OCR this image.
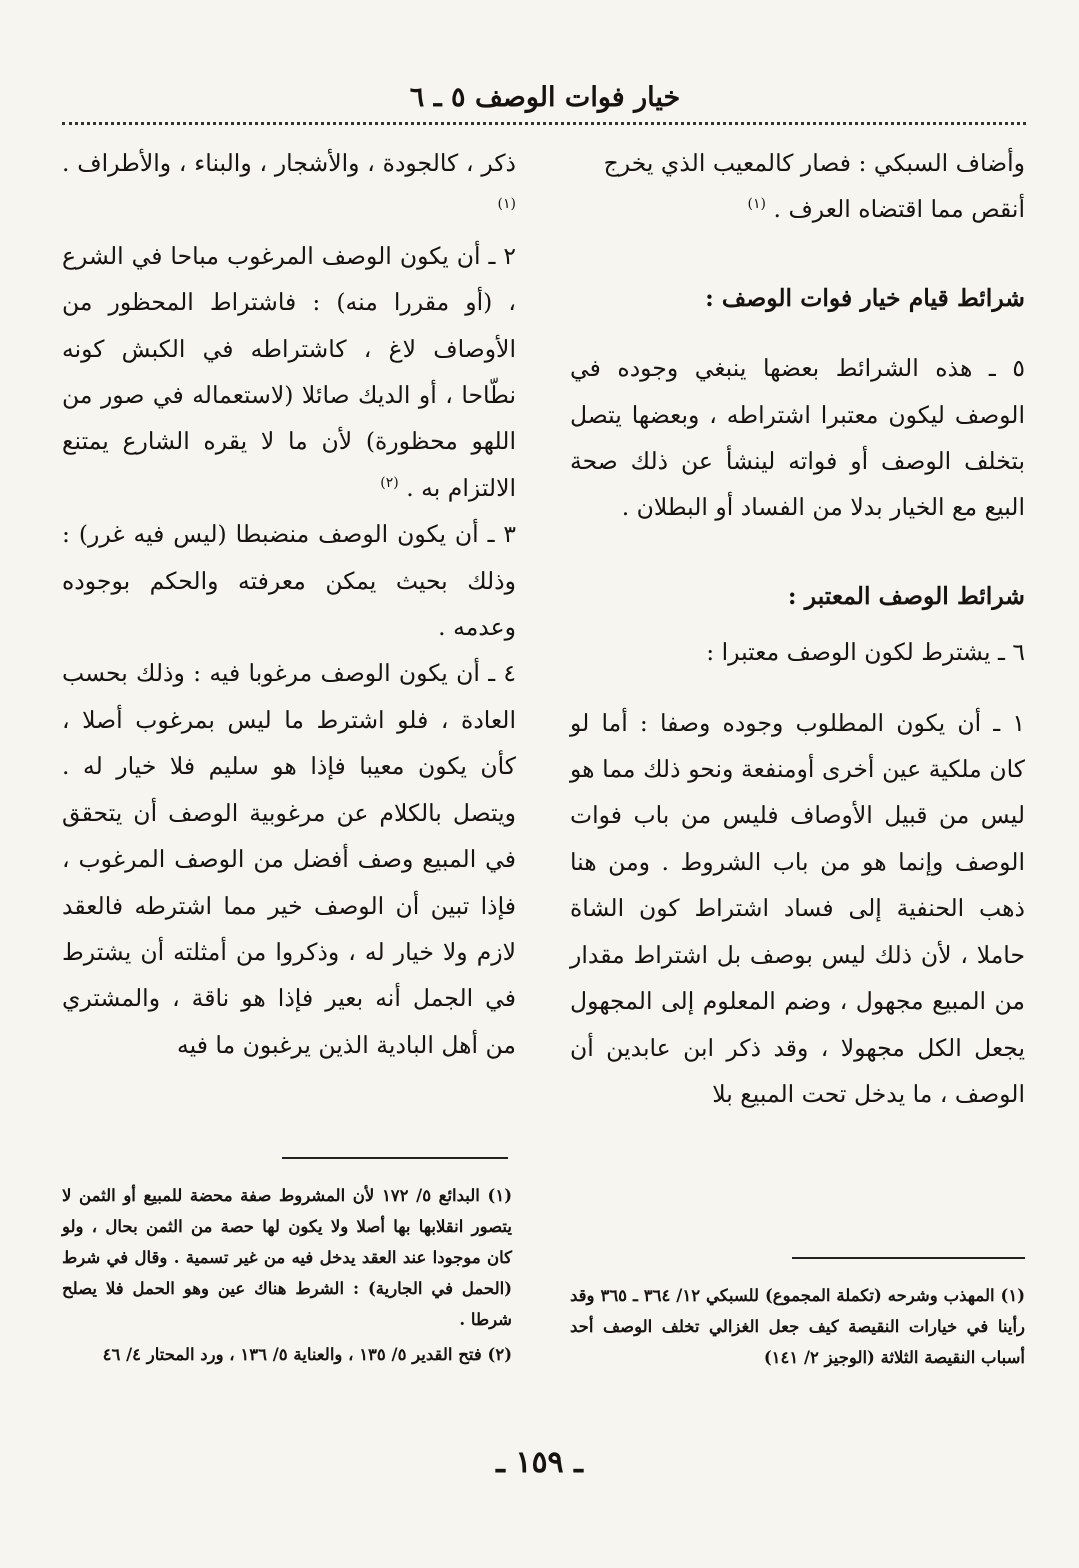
خيار فوات الوصف ٥ ـ ٦

وأضاف السبكي : فصار كالمعيب الذي يخرج
أنقص مما اقتضاه العرف . $^{(١)}$

شرائط قيام خيار فوات الوصف :

٥ ـ هذه الشرائط بعضها ينبغي وجوده في الوصف ليكون معتبرا اشتراطه ، وبعضها يتصل بتخلف الوصف أو فواته لينشأ عن ذلك صحة البيع مع الخيار بدلا من الفساد أو البطلان .

شرائط الوصف المعتبر :

٦ ـ يشترط لكون الوصف معتبرا :

١ ـ أن يكون المطلوب وجوده وصفا : أما لو كان ملكية عين أخرى أومنفعة ونحو ذلك مما هو ليس من قبيل الأوصاف فليس من باب فوات الوصف وإنما هو من باب الشروط . ومن هنا ذهب الحنفية إلى فساد اشتراط كون الشاة حاملا ، لأن ذلك ليس بوصف بل اشتراط مقدار من المبيع مجهول ، وضم المعلوم إلى المجهول يجعل الكل مجهولا ، وقد ذكر ابن عابدين أن الوصف ، ما يدخل تحت المبيع بلا

ذكر ، كالجودة ، والأشجار ، والبناء ، والأطراف . $^{(١)}$

٢ ـ أن يكون الوصف المرغوب مباحا في الشرع ، (أو مقررا منه) : فاشتراط المحظور من الأوصاف لاغ ، كاشتراطه في الكبش كونه نطّاحا ، أو الديك صائلا (لاستعماله في صور من اللهو محظورة) لأن ما لا يقره الشارع يمتنع الالتزام به . $^{(٢)}$

٣ ـ أن يكون الوصف منضبطا (ليس فيه غرر) : وذلك بحيث يمكن معرفته والحكم بوجوده وعدمه .

٤ ـ أن يكون الوصف مرغوبا فيه : وذلك بحسب العادة ، فلو اشترط ما ليس بمرغوب أصلا ، كأن يكون معيبا فإذا هو سليم فلا خيار له . ويتصل بالكلام عن مرغوبية الوصف أن يتحقق في المبيع وصف أفضل من الوصف المرغوب ، فإذا تبين أن الوصف خير مما اشترطه فالعقد لازم ولا خيار له ، وذكروا من أمثلته أن يشترط في الجمل أنه بعير فإذا هو ناقة ، والمشتري من أهل البادية الذين يرغبون ما فيه

(١) البدائع ٥/ ١٧٢ لأن المشروط صفة محضة للمبيع أو الثمن لا يتصور انقلابها بها أصلا ولا يكون لها حصة من الثمن بحال ، ولو كان موجودا عند العقد يدخل فيه من غير تسمية . وقال في شرط (الحمل في الجارية) : الشرط هناك عين وهو الحمل فلا يصلح شرطا .

(٢) فتح القدير ٥/ ١٣٥ ، والعناية ٥/ ١٣٦ ، ورد المحتار ٤/ ٤٦

(١) المهذب وشرحه (تكملة المجموع) للسبكي ١٢/ ٣٦٤ ـ ٣٦٥ وقد رأينا في خيارات النقيصة كيف جعل الغزالي تخلف الوصف أحد أسباب النقيصة الثلاثة (الوجيز ٢/ ١٤١)

ـ ١٥٩ ـ
